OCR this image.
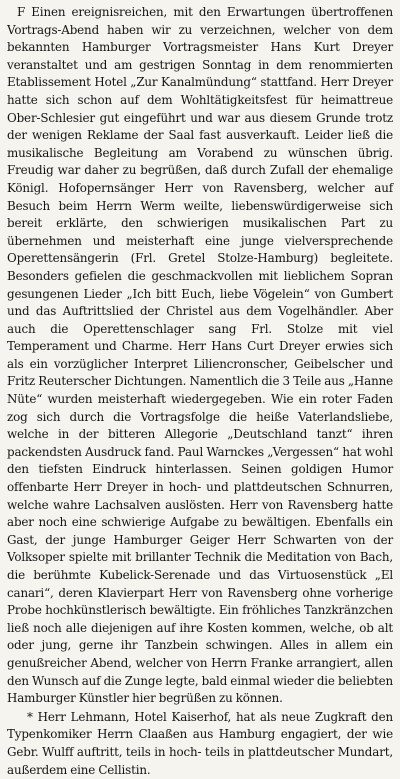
F Einen ereignisreichen, mit den Erwartungen übertroffenen Vortrags-Abend haben wir zu verzeichnen, welcher von dem bekannten Hamburger Vortragsmeister Hans Kurt Dreyer veranstaltet und am gestrigen Sonntag in dem renommierten Etablissement Hotel „Zur Kanalmündung“ stattfand. Herr Dreyer hatte sich schon auf dem Wohltätigkeitsfest für heimattreue Ober-Schlesier gut eingeführt und war aus diesem Grunde trotz der wenigen Reklame der Saal fast ausverkauft. Leider ließ die musikalische Begleitung am Vorabend zu wünschen übrig. Freudig war daher zu begrüßen, daß durch Zufall der ehemalige Königl. Hofopernsänger Herr von Ravensberg, welcher auf Besuch beim Herrn Werm weilte, liebenswürdigerweise sich bereit erklärte, den schwierigen musikalischen Part zu übernehmen und meisterhaft eine junge vielversprechende Operettensängerin (Frl. Gretel Stolze-Hamburg) begleitete. Besonders gefielen die geschmackvollen mit lieblichem Sopran gesungenen Lieder „Ich bitt Euch, liebe Vögelein“ von Gumbert und das Auftrittslied der Christel aus dem Vogelhändler. Aber auch die Operettenschlager sang Frl. Stolze mit viel Temperament und Charme. Herr Hans Curt Dreyer erwies sich als ein vorzüglicher Interpret Liliencronscher, Geibelscher und Fritz Reuterscher Dichtungen. Namentlich die 3 Teile aus „Hanne Nüte“ wurden meisterhaft wiedergegeben. Wie ein roter Faden zog sich durch die Vortragsfolge die heiße Vaterlandsliebe, welche in der bitteren Allegorie „Deutschland tanzt“ ihren packendsten Ausdruck fand. Paul Warnckes „Vergessen“ hat wohl den tiefsten Eindruck hinterlassen. Seinen goldigen Humor offenbarte Herr Dreyer in hoch- und plattdeutschen Schnurren, welche wahre Lachsalven auslösten. Herr von Ravensberg hatte aber noch eine schwierige Aufgabe zu bewältigen. Ebenfalls ein Gast, der junge Hamburger Geiger Herr Schwarten von der Volksoper spielte mit brillanter Technik die Meditation von Bach, die berühmte Kubelick-Serenade und das Virtuosenstück „El canari“, deren Klavierpart Herr von Ravensberg ohne vorherige Probe hochkünstlerisch bewältigte. Ein fröhliches Tanzkränzchen ließ noch alle diejenigen auf ihre Kosten kommen, welche, ob alt oder jung, gerne ihr Tanzbein schwingen. Alles in allem ein genußreicher Abend, welcher von Herrn Franke arrangiert, allen den Wunsch auf die Zunge legte, bald einmal wieder die beliebten Hamburger Künstler hier begrüßen zu können.

* Herr Lehmann, Hotel Kaiserhof, hat als neue Zugkraft den Typenkomiker Herrn Claaßen aus Hamburg engagiert, der wie Gebr. Wulff auftritt, teils in hoch- teils in plattdeutscher Mundart, außerdem eine Cellistin.
